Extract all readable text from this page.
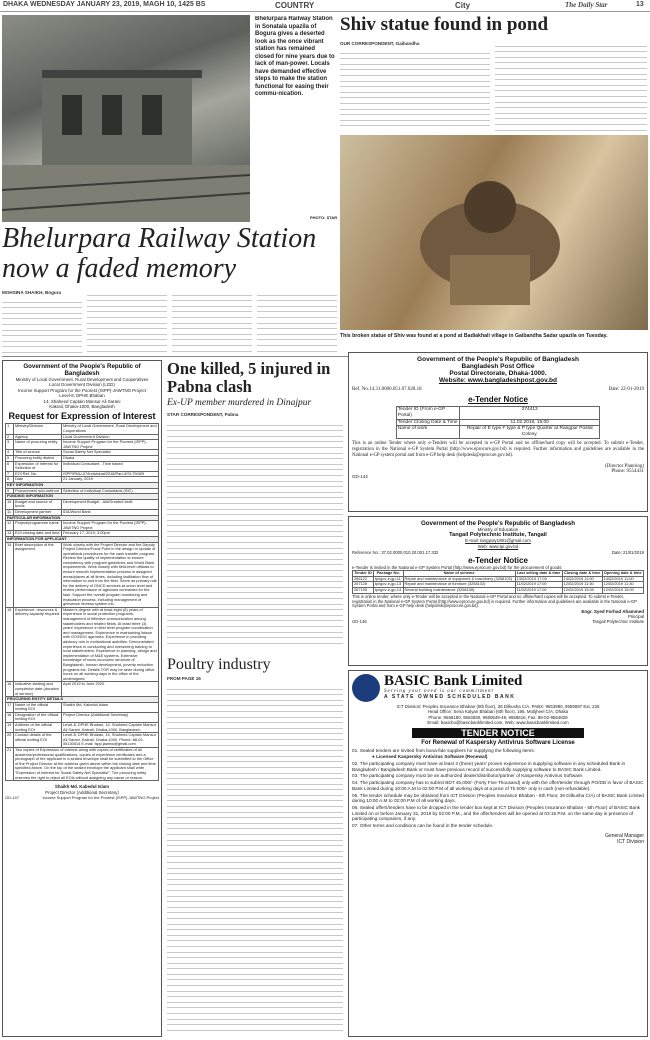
DHAKA WEDNESDAY JANUARY 23, 2019, MAGH 10, 1425 BS	COUNTRY	City	The Daily Star	13
Bhelurpara Railway Station in Sonatala upazila of Bogura gives a deserted look as the once vibrant station has remained closed for nine years due to lack of man-power. Locals have demanded effective steps to make the station functional for easing their commu-nication.
PHOTO: STAR
Shiv statue found in pond
OUR CORRESPONDENT, Gaibandha
This broken statue of Shiv was found at a pond at Badiakhali village in Gaibandha Sadar upazila on Tuesday.
Bhelurpara Railway Station now a faded memory
MOHSINA SHAIKH, Bogura
Government of the People's Republic of Bangladesh
Ministry of Local Government, Rural Development and Cooperatives
Local Government Division (LGD)
Income Support Program for the Poorest (ISPP)-JAWTNO Project
Level-8, DPHE Bhaban
14, Shaheed Captain Mansur Ali Sarani
Kakrail, Dhaka-1000, Bangladesh
Request for Expression of Interest
1	Ministry/Division	Ministry of Local Government, Rural Development and Cooperatives
2	Agency	Local Government Division
3	Name of procuring entity	Income Support Program for the Poorest (ISPP)-JAWTNO Project
4	Title of service	Social Safety Net Specialist
5	Procuring entity district	Dhaka
6	Expression of Interest for Selection of	Individual Consultant - Time based
7	EOI Ref. No.	ISPP/PMU-07/Individual/2018/Part-3/SI-79/409
8	Date	21 January, 2019
KEY INFORMATION		
9	Procurement sub-method	Selection of Individual Consultants (SIC)
FUNDING INFORMATION		
10	Budget and source of funds	Development Budget - Aid/Grants/Credit
11	Development partner	IDA/World Bank
PARTICULAR INFORMATION		
12	Project/programme name	Income Support Program for the Poorest (ISPP)-JAWTNO Project
13	EOI closing date and time	February 17, 2019; 3:00pm
INFORMATION FOR APPLICANT		
14	Brief description of the assignment	Work closely with the Project Director and the Deputy Project Director/Focal Point in the design or update of operational procedures for the cash transfer program. Review the quality of implementation to ensure consistency with program guidelines and World Bank requirements. Work closely with field-level officials to ensure smooth implementation process in assigned areas/places at all times, including facilitation flow of information to and from the field. Serve as primary role for the delivery of ONCD services at union level and review performance of agencies contracted for the task. Support the overall program monitoring and evaluation process, including management of grievance redress system etc.
15	Experience, resources & delivery capacity required	Master's degree with at least eight (8) years of experience in social protection programs, management of effective communication among stakeholders and related fields. At least three (3) years' experience in field level program coordination and management. Experience in maintaining liaison with GO/NGO agencies. Experience in providing advisory role in motivational activities. Demonstrated experience in conducting and overseeing training to rural stakeholders. Experience in planning, design and implementation of M&E systems. Extensive knowledge of socio-economic structure of Bangladesh, human development, poverty reduction programs etc. Details TOR may be seen during office hours on all working days in the office of the undersigned.
16	Indicative starting and completion date (duration of service)	April 2019 to June 2020.
PROCURING ENTITY DETAILS		
17	Name of the official inviting EOI	Shaikh Md. Kabedul Islam
18	Designation of the official inviting EOI	Project Director (Additional Secretary)
19	Address of the official inviting EOI	Level-8, DPHE Bhaban, 14, Shaheed Captain Mansur Ali Sarani, Kakrail, Dhaka-1000, Bangladesh.
20	Contact details of the official inviting EOI	Level-8, DPHE Bhaban, 14, Shaheed Captain Mansur Ali Sarani, Kakrail, Dhaka-1000. Phone: 88-02-55130514 E-mail: ispp.jawtno@gmail.com
21	Two copies of Expression of Interest along with copies of certificates of all academic/professional qualifications, copies of experience certificates and a photograph of the applicant in a sealed envelope shall be submitted to the Office of the Project Director at the address given above within the closing date and time specified above. On the top of the sealed envelope the applicant shall write "Expression of Interest for Social Safety Net Specialist". The procuring entity reserves the right to reject all EOIs without assigning any cause or reason.	
Shaikh Md. Kabedul Islam
Project Director (Additional Secretary)
GD-147	Income Support Program for the Poorest (ISPP)-JAWTNO Project
One killed, 5 injured in Pabna clash
Ex-UP member murdered in Dinajpur
STAR CORRESPONDENT, Pabna
Poultry industry
FROM PAGE 16
Government of the People's Republic of Bangladesh
Bangladesh Post Office
Postal Directorate, Dhaka-1000.
Website: www.bangladeshpost.gov.bd
Ref. No.14.31.0000.051.07.028.18	Date: 22-01-2019
e-Tender Notice
Tender ID (From e-GP Portal)	274413
Tender Closing Date & Time	11.02.2019, 15:00
Name of work	Repair of E type F type & P type Quarter at Rangpur Postal Colony.
This is an online Tender where only e-Tenders will be accepted in e-GP Portal and no offline/hard copy will be accepted. To submit e-Tender, registration in the National e-GP System Portal (http://www.eprocure.gov.bd) is required. Further information and guidelines are available in the National e-GP system portal and from e-GP help desk (helpdesk@eprocure.gov.bd).
(Director Planning)
Phone: 9554431
GD-144
Government of the People's Republic of Bangladesh
Ministry of Education
Tangail Polytechnic Institute, Tangail
E-mail: tangpoly1991@gmail.com
Web: www.tpi.gov.bd
Reference No.: 37.02.0000.010.20.001.17.332	Date: 21/01/2019
e-Tender Notice
e-Tender is invited in the National e-GP System Portal (http://www.eprocure.gov.bd) for the procurement of goods:
Tender ID	Package No.	Name of scheme	Last selling date & time	Closing date & time	Opening date & time
266122	tpi/gov-e-gp-11	Repair and maintenance of equipment & machinery (3258103)	13/02/2019 17:00	14/02/2019 11:00	14/02/2019 11:00
267128	tpi/gov-e-gp-13	Repair and maintenance of furniture (3258102)	11/02/2019 17:00	12/02/2019 11:30	12/02/2019 11:30
267155	tpi/gov-e-gp-14	Several building maintenance (3258108)	11/02/2019 17:00	12/02/2019 15:00	12/02/2019 15:00
This is online tender, where only e-Tender will be accepted in the National e-GP Portal and no offline/hard copies will be accepted. To submit e-Tender, registration in the National e-GP System Portal (http://www.eprocure.gov.bd) is required. Further information and guidelines are available in the National e-GP System Portal and from e-GP help desk (helpdesk@eprocure.gov.bd).
Engr. Syed Forhad Ahammed
Principal
GD-146	Tangail Polytechnic Institute
BASIC Bank Limited
Serving your need is our commitment
A STATE OWNED SCHEDULED BANK
ICT Division: Peoples Insurance Bhaban (5th floor), 36 Dilkusha C/A, PABX: 9553980, 9559087 Ext. 226
Head Office: Sena Kalyan Bhaban (6th floor), 195, Motijheel C/A, Dhaka
Phone: 9568190, 9564830, 9590549-49, 9558616, Fax: 88-02-9564829
Email: basicho@basicbanklimited.com, Web: www.basicbanklimited.com
TENDER NOTICE
For Renewal of Kaspersky Antivirus Software License
01. Sealed tenders are invited from bona-fide suppliers for supplying the following items:
● Licensed Kaspersky Antivirus Software (Renewal)
02. The participating company must have at least 3 (three) years' proven experience in supplying software in any scheduled Bank in Bangladesh / Bangladesh Bank or must have previous record of successfully supplying software to BASIC Bank Limited.
03. The participating company must be an authorized dealer/distributor/partner of Kaspersky Antivirus Software.
04. The participating company has to submit BDT 45,000/- (Forty Five Thousand) only with the offer/tender through PO/DD in favor of BASIC Bank Limited during 10:00 A.M to 02:00 P.M of all working days at a price of Tk 500/- only in cash (non-refundable).
05. The tender schedule may be obtained from ICT Division (Peoples Insurance Bhaban - 5th Floor, 36 Dilkusha C/A) of BASIC Bank Limited during 10:00 A.M to 02:00 P.M of all working days.
06. Sealed offers/tenders have to be dropped in the tender box kept at ICT Division (Peoples Insurance Bhaban - 5th Floor) of BASIC Bank Limited on or before January 31, 2019 by 02:00 P.M., and the offer/tenders will be opened at 03:15 P.M. on the same day in presence of participating companies, if any.
07. Other terms and conditions can be found in the tender schedule.
General Manager
ICT Division
